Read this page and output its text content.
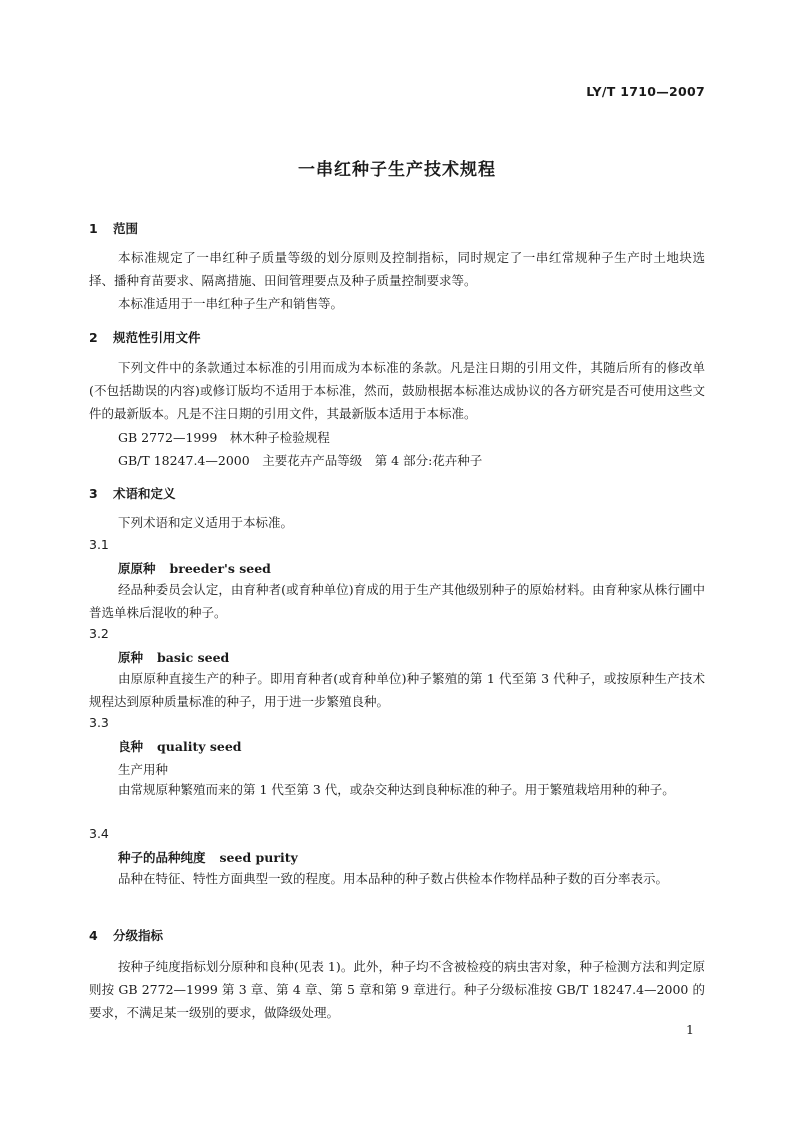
LY/T 1710—2007
一串红种子生产技术规程
1 范围

本标准规定了一串红种子质量等级的划分原则及控制指标，同时规定了一串红常规种子生产时土地块选择、播种育苗要求、隔离措施、田间管理要点及种子质量控制要求等。

本标准适用于一串红种子生产和销售等。

2 规范性引用文件

下列文件中的条款通过本标准的引用而成为本标准的条款。凡是注日期的引用文件，其随后所有的修改单(不包括勘误的内容)或修订版均不适用于本标准，然而，鼓励根据本标准达成协议的各方研究是否可使用这些文件的最新版本。凡是不注日期的引用文件，其最新版本适用于本标准。

GB 2772—1999　林木种子检验规程
GB/T 18247.4—2000　主要花卉产品等级　第 4 部分:花卉种子
3 术语和定义

下列术语和定义适用于本标准。

3.1
原原种 breeder's seed

经品种委员会认定，由育种者(或育种单位)育成的用于生产其他级别种子的原始材料。由育种家从株行圃中普选单株后混收的种子。

3.2
原种 basic seed

由原原种直接生产的种子。即用育种者(或育种单位)种子繁殖的第 1 代至第 3 代种子，或按原种生产技术规程达到原种质量标准的种子，用于进一步繁殖良种。

3.3
良种 quality seed
生产用种

由常规原种繁殖而来的第 1 代至第 3 代，或杂交种达到良种标准的种子。用于繁殖栽培用种的种子。

3.4
种子的品种纯度 seed purity

品种在特征、特性方面典型一致的程度。用本品种的种子数占供检本作物样品种子数的百分率表示。

4 分级指标

按种子纯度指标划分原种和良种(见表 1)。此外，种子均不含被检疫的病虫害对象，种子检测方法和判定原则按 GB 2772—1999 第 3 章、第 4 章、第 5 章和第 9 章进行。种子分级标准按 GB/T 18247.4—2000 的要求，不满足某一级别的要求，做降级处理。

1
